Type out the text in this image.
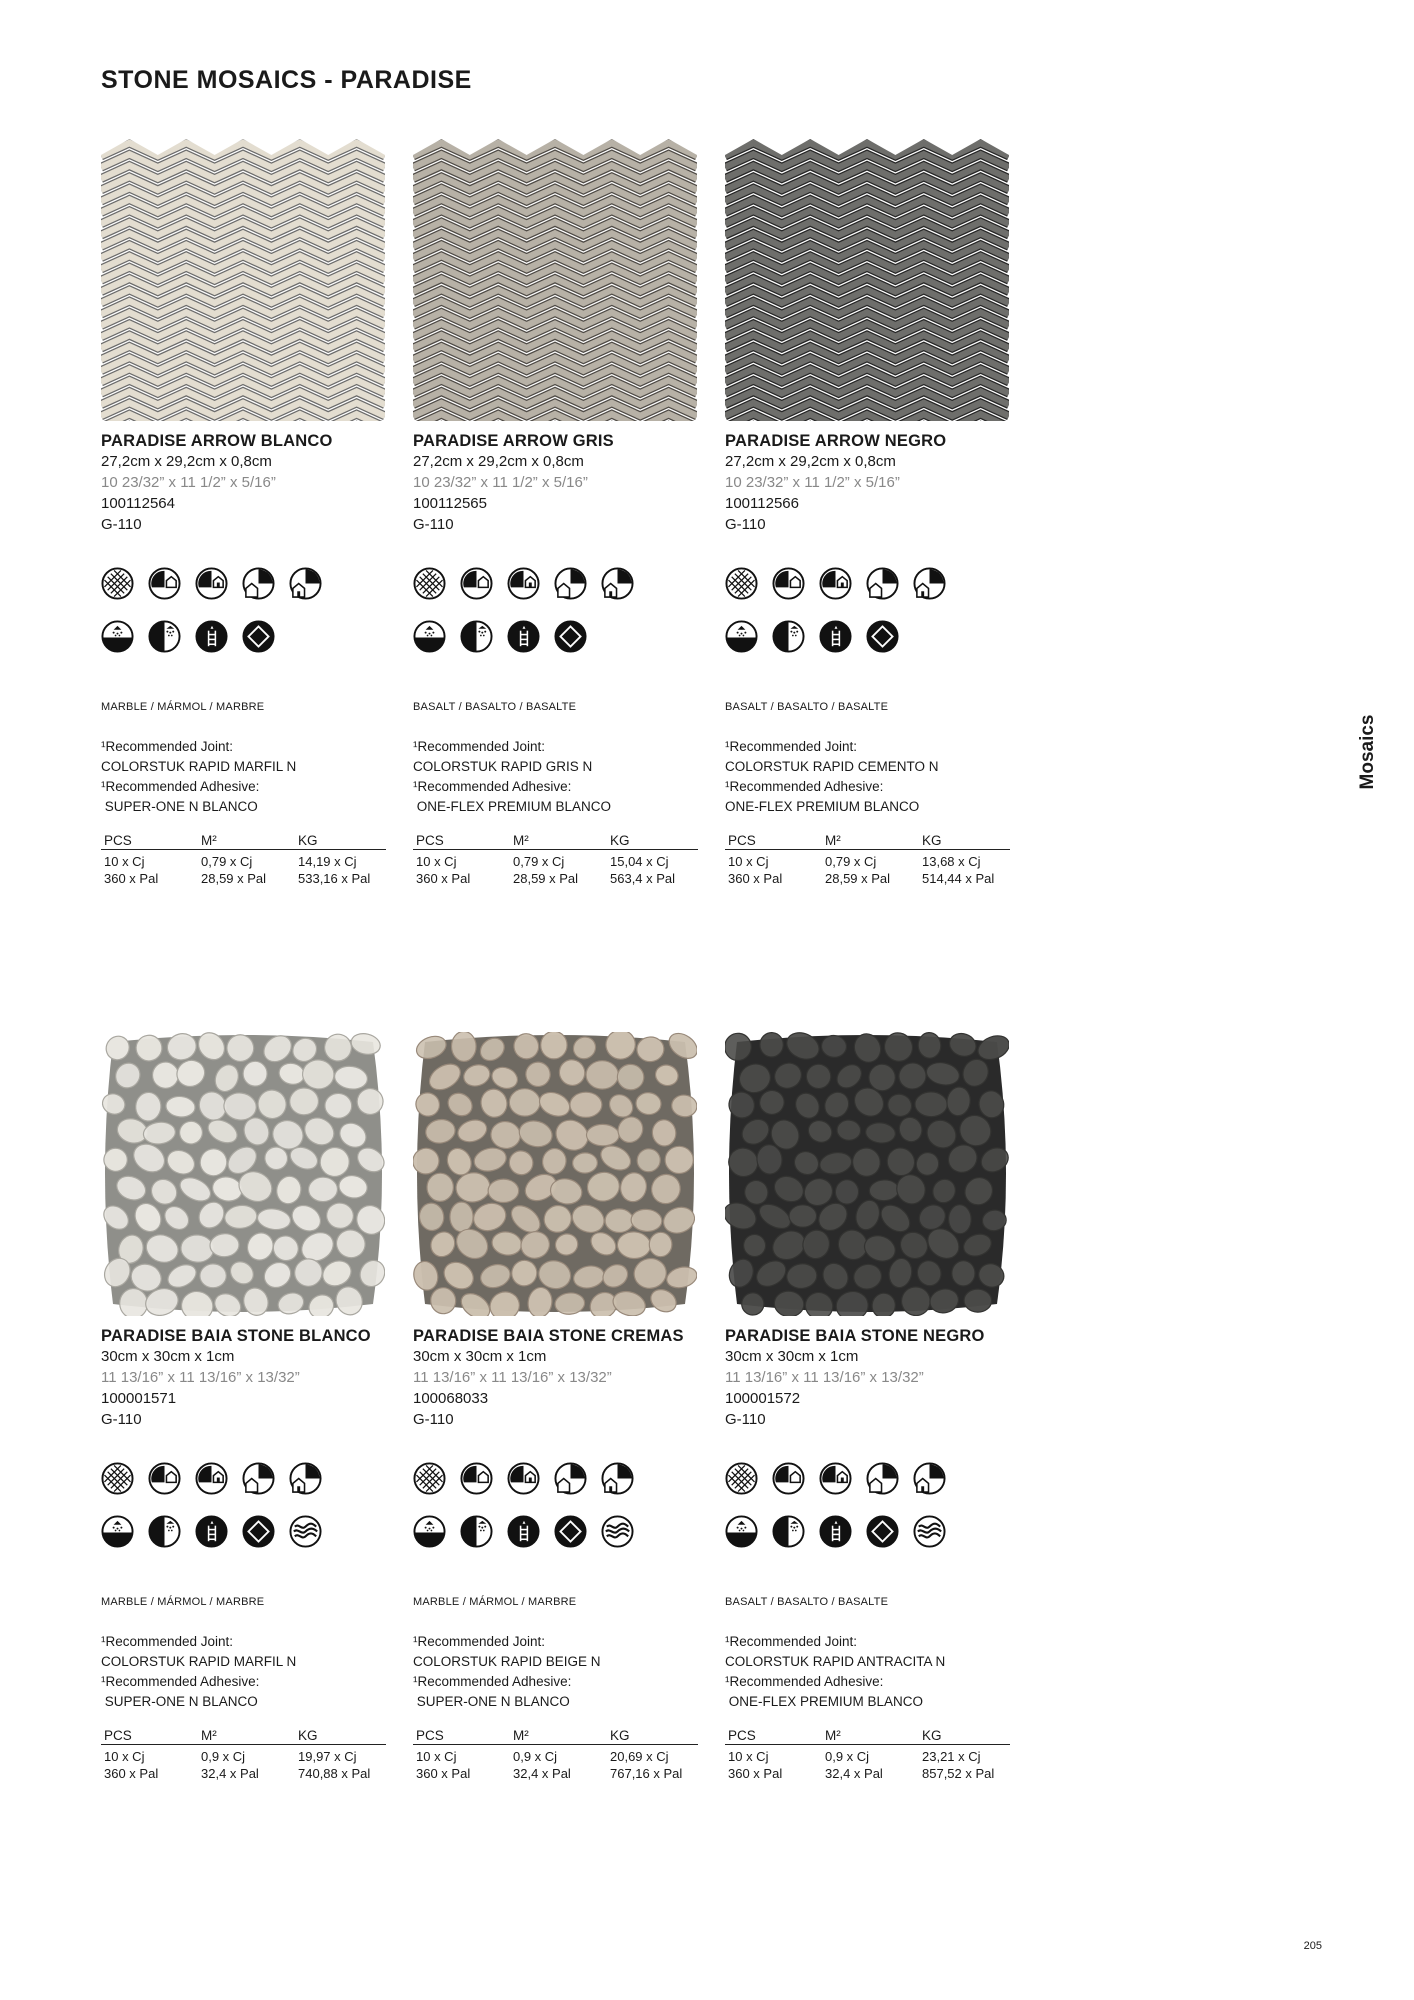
STONE MOSAICS - PARADISE
Mosaics
205
PARADISE ARROW BLANCO
27,2cm x 29,2cm x 0,8cm
10 23/32” x 11 1/2” x 5/16”
100112564
G-110
MARBLE / MÁRMOL / MARBRE
¹Recommended Joint:
COLORSTUK RAPID MARFIL N
¹Recommended Adhesive:
SUPER-ONE N BLANCO
PCS	M²	KG
10 x Cj	0,79 x Cj	14,19 x Cj
360 x Pal	28,59 x Pal	533,16 x Pal
PARADISE ARROW GRIS
27,2cm x 29,2cm x 0,8cm
10 23/32” x 11 1/2” x 5/16”
100112565
G-110
BASALT / BASALTO / BASALTE
¹Recommended Joint:
COLORSTUK RAPID GRIS N
¹Recommended Adhesive:
ONE-FLEX PREMIUM BLANCO
PCS	M²	KG
10 x Cj	0,79 x Cj	15,04 x Cj
360 x Pal	28,59 x Pal	563,4 x Pal
PARADISE ARROW NEGRO
27,2cm x 29,2cm x 0,8cm
10 23/32” x 11 1/2” x 5/16”
100112566
G-110
BASALT / BASALTO / BASALTE
¹Recommended Joint:
COLORSTUK RAPID CEMENTO N
¹Recommended Adhesive:
ONE-FLEX PREMIUM BLANCO
PCS	M²	KG
10 x Cj	0,79 x Cj	13,68 x Cj
360 x Pal	28,59 x Pal	514,44 x Pal
PARADISE BAIA STONE BLANCO
30cm x 30cm x 1cm
11 13/16” x 11 13/16” x 13/32”
100001571
G-110
MARBLE / MÁRMOL / MARBRE
¹Recommended Joint:
COLORSTUK RAPID MARFIL N
¹Recommended Adhesive:
SUPER-ONE N BLANCO
PCS	M²	KG
10 x Cj	0,9 x Cj	19,97 x Cj
360 x Pal	32,4 x Pal	740,88 x Pal
PARADISE BAIA STONE CREMAS
30cm x 30cm x 1cm
11 13/16” x 11 13/16” x 13/32”
100068033
G-110
MARBLE / MÁRMOL / MARBRE
¹Recommended Joint:
COLORSTUK RAPID BEIGE N
¹Recommended Adhesive:
SUPER-ONE N BLANCO
PCS	M²	KG
10 x Cj	0,9 x Cj	20,69 x Cj
360 x Pal	32,4 x Pal	767,16 x Pal
PARADISE BAIA STONE NEGRO
30cm x 30cm x 1cm
11 13/16” x 11 13/16” x 13/32”
100001572
G-110
BASALT / BASALTO / BASALTE
¹Recommended Joint:
COLORSTUK RAPID ANTRACITA N
¹Recommended Adhesive:
ONE-FLEX PREMIUM BLANCO
PCS	M²	KG
10 x Cj	0,9 x Cj	23,21 x Cj
360 x Pal	32,4 x Pal	857,52 x Pal
